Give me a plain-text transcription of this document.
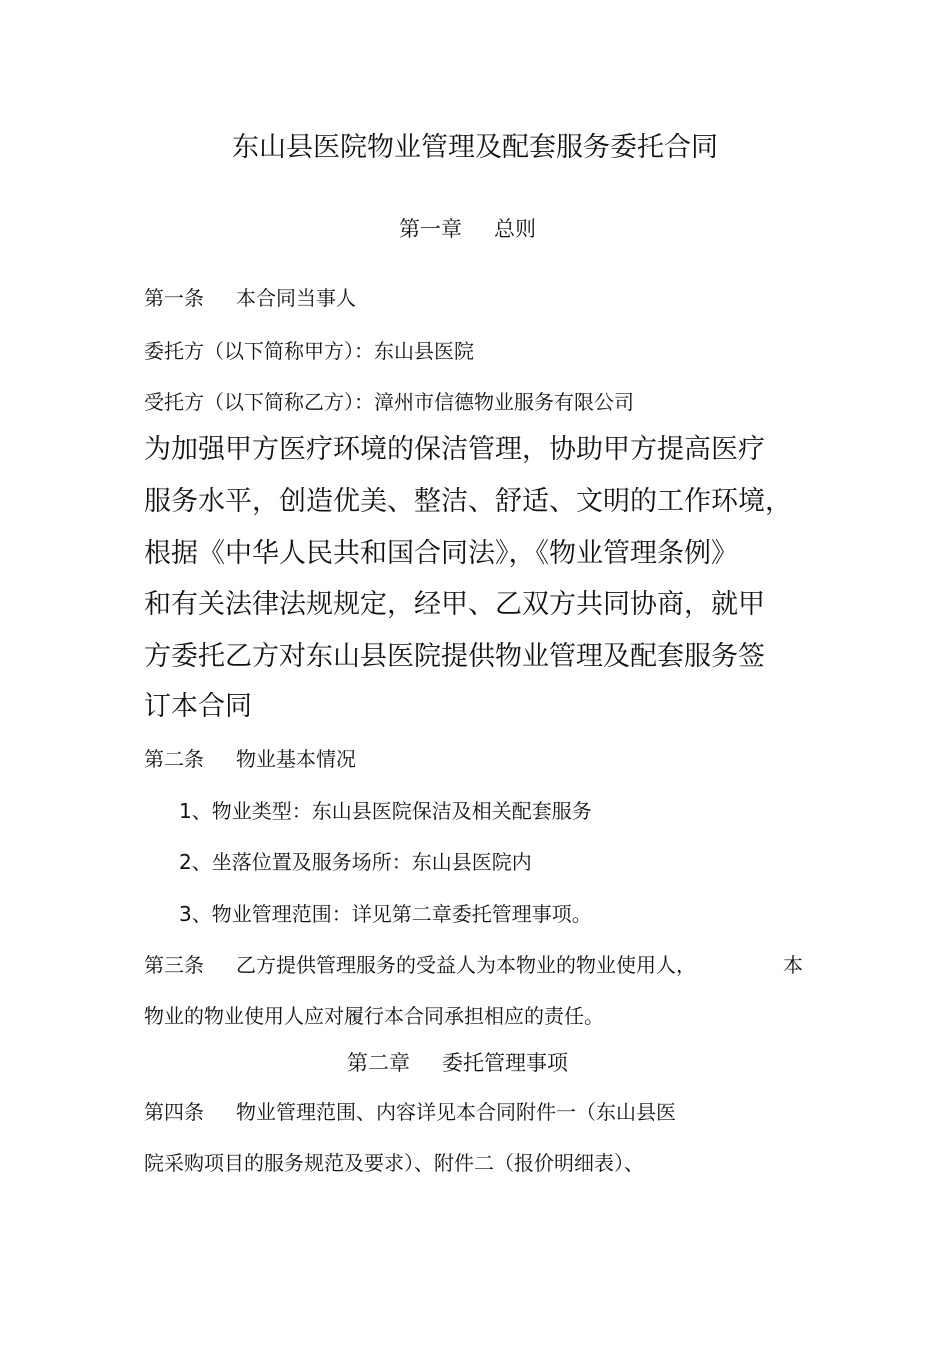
东山县医院物业管理及配套服务委托合同
第一章 总则
第一条 本合同当事人
委托方（以下简称甲方）：东山县医院
受托方（以下简称乙方）：漳州市信德物业服务有限公司
为加强甲方医疗环境的保洁管理，协助甲方提高医疗
服务水平，创造优美、整洁、舒适、文明的工作环境，
根据《中华人民共和国合同法》，《物业管理条例》
和有关法律法规规定，经甲、乙双方共同协商，就甲
方委托乙方对东山县医院提供物业管理及配套服务签
订本合同
第二条 物业基本情况
1、物业类型：东山县医院保洁及相关配套服务
2、坐落位置及服务场所：东山县医院内
3、物业管理范围：详见第二章委托管理事项。
第三条 乙方提供管理服务的受益人为本物业的物业使用人，	本
物业的物业使用人应对履行本合同承担相应的责任。
第二章 委托管理事项
第四条 物业管理范围、内容详见本合同附件一（东山县医
院采购项目的服务规范及要求）、附件二（报价明细表）、
